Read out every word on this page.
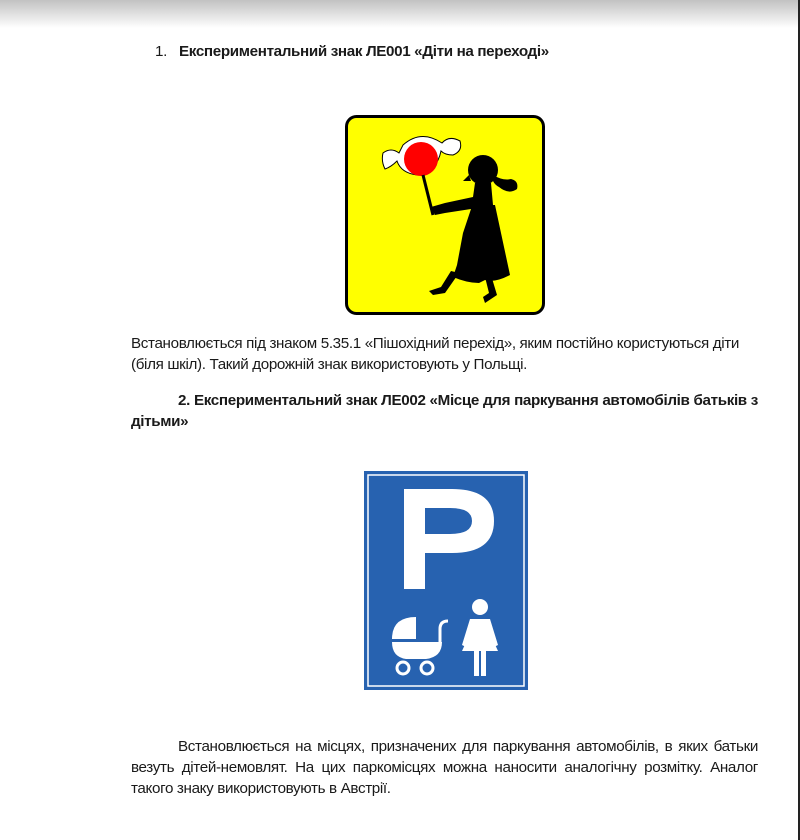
1. Експериментальний знак ЛЕ001 «Діти на переході»
Встановлюється під знаком 5.35.1 «Пішохідний перехід», яким постійно користуються діти
(біля шкіл). Такий дорожній знак використовують у Польщі.
2. Експериментальний знак ЛЕ002 «Місце для паркування автомобілів батьків з
дітьми»
Встановлюється на місцях, призначених для паркування автомобілів, в яких батьки
везуть дітей-немовлят. На цих паркомісцях можна наносити аналогічну розмітку. Аналог
такого знаку використовують в Австрії.
